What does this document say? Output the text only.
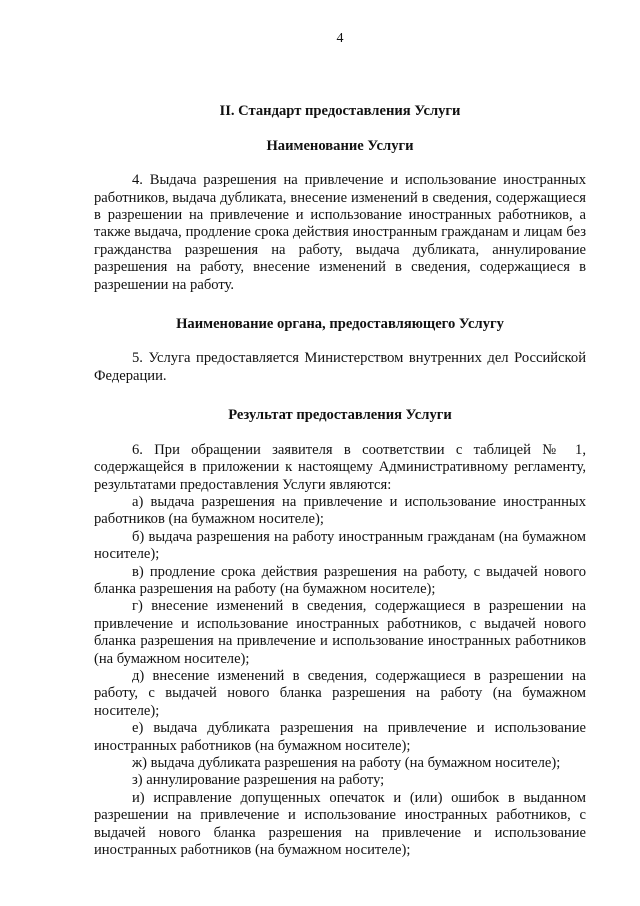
4
II. Стандарт предоставления Услуги
Наименование Услуги

4. Выдача разрешения на привлечение и использование иностранных работников, выдача дубликата, внесение изменений в сведения, содержащиеся в разрешении на привлечение и использование иностранных работников, а также выдача, продление срока действия иностранным гражданам и лицам без гражданства разрешения на работу, выдача дубликата, аннулирование разрешения на работу, внесение изменений в сведения, содержащиеся в разрешении на работу.

Наименование органа, предоставляющего Услугу

5. Услуга предоставляется Министерством внутренних дел Российской Федерации.

Результат предоставления Услуги

6. При обращении заявителя в соответствии с таблицей № 1, содержащейся в приложении к настоящему Административному регламенту, результатами предоставления Услуги являются:

а) выдача разрешения на привлечение и использование иностранных работников (на бумажном носителе);

б) выдача разрешения на работу иностранным гражданам (на бумажном носителе);

в) продление срока действия разрешения на работу, с выдачей нового бланка разрешения на работу (на бумажном носителе);

г) внесение изменений в сведения, содержащиеся в разрешении на привлечение и использование иностранных работников, с выдачей нового бланка разрешения на привлечение и использование иностранных работников (на бумажном носителе);

д) внесение изменений в сведения, содержащиеся в разрешении на работу, с выдачей нового бланка разрешения на работу (на бумажном носителе);

е) выдача дубликата разрешения на привлечение и использование иностранных работников (на бумажном носителе);

ж) выдача дубликата разрешения на работу (на бумажном носителе);

з) аннулирование разрешения на работу;

и) исправление допущенных опечаток и (или) ошибок в выданном разрешении на привлечение и использование иностранных работников, с выдачей нового бланка разрешения на привлечение и использование иностранных работников (на бумажном носителе);
